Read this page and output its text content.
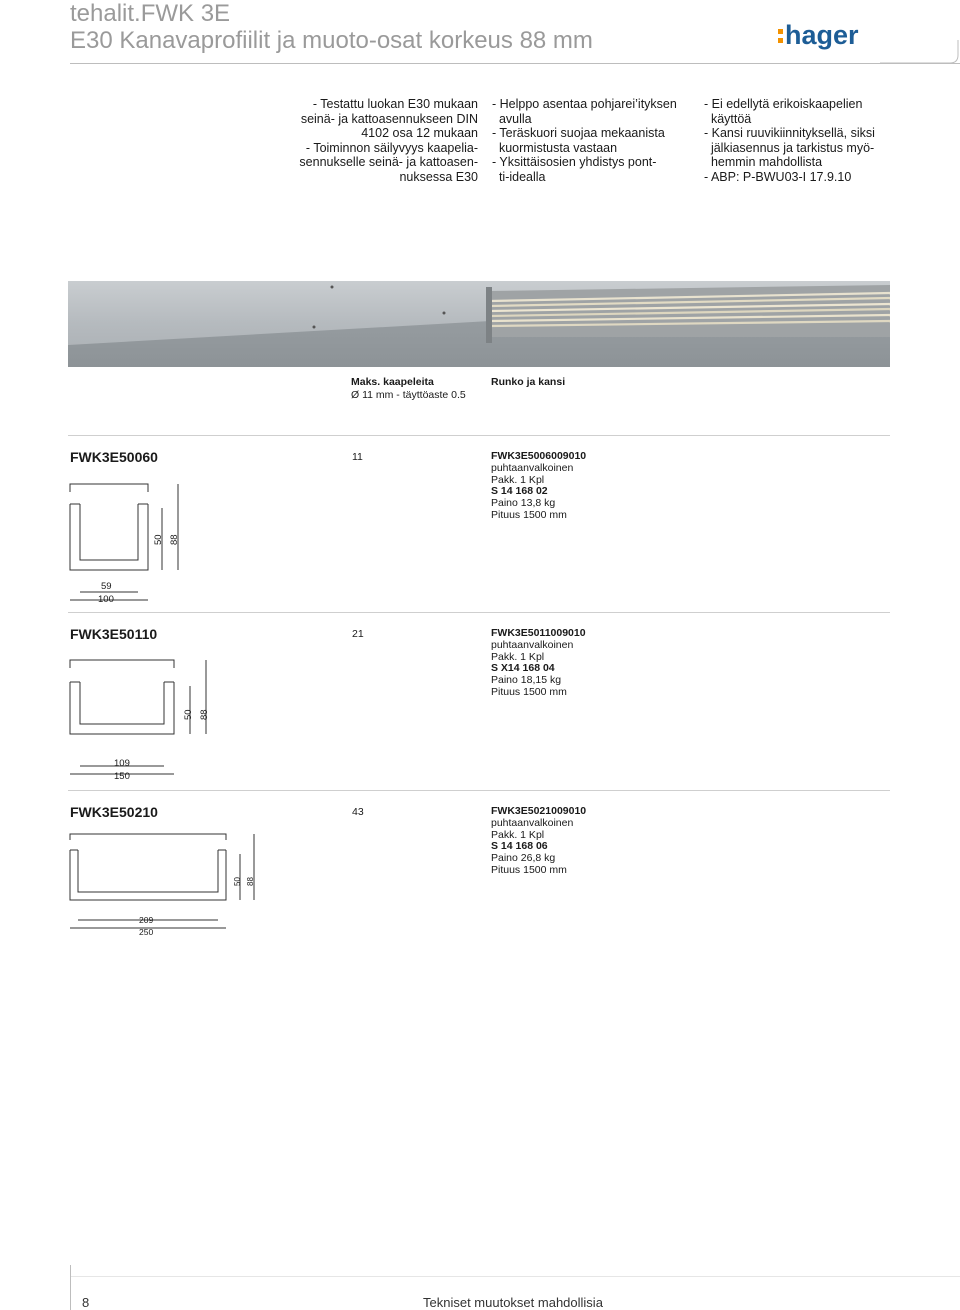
tehalit.FWK 3E
E30 Kanavaprofiilit ja muoto-osat korkeus 88 mm	hager
- Testattu luokan E30 mukaan
seinä- ja kattoasennukseen DIN
4102 osa 12 mukaan
- Toiminnon säilyvyys kaapelia-
sennukselle seinä- ja kattoasen-
nuksessa E30
- Helppo asentaa pohjarei’ityksen
avulla
- Teräskuori suojaa mekaanista
kuormistusta vastaan
- Yksittäisosien yhdistys pont-
ti-idealla
- Ei edellytä erikoiskaapelien
käyttöä
- Kansi ruuvikiinnityksellä, siksi
jälkiasennus ja tarkistus myö-
hemmin mahdollista
- ABP: P-BWU03-I 17.9.10
Maks. kaapeleita
Ø 11 mm - täyttöaste 0.5
Runko ja kansi
FWK3E50060	11	FWK3E5006009010
puhtaanvalkoinen
Pakk. 1 Kpl
S 14 168 02
Paino 13,8 kg
Pituus 1500 mm
50 88
59
100
FWK3E50110	21	FWK3E5011009010
puhtaanvalkoinen
Pakk. 1 Kpl
S X14 168 04
Paino 18,15 kg
Pituus 1500 mm
50 88
109
150
FWK3E50210	43	FWK3E5021009010
puhtaanvalkoinen
Pakk. 1 Kpl
S 14 168 06
Paino 26,8 kg
Pituus 1500 mm
50 88
209
250
8	Tekniset muutokset mahdollisia
